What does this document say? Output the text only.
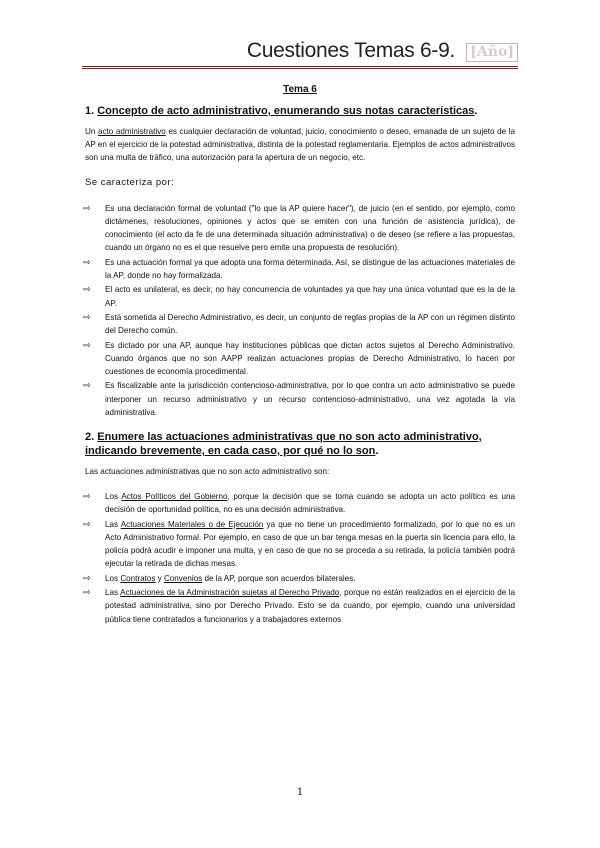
Cuestiones Temas 6-9. [Año]
Tema 6
1. Concepto de acto administrativo, enumerando sus notas características.

Un acto administrativo es cualquier declaración de voluntad, juicio, conocimiento o deseo, emanada de un sujeto de la AP en el ejercicio de la potestad administrativa, distinta de la potestad reglamentaria. Ejemplos de actos administrativos son una multa de tráfico, una autorización para la apertura de un negocio, etc.

Se caracteriza por:

⇨ Es una declaración formal de voluntad ("lo que la AP quiere hacer"), de juicio (en el sentido, por ejemplo, como dictámenes, resoluciones, opiniones y actos que se emiten con una función de asistencia jurídica), de conocimiento (el acto da fe de una determinada situación administrativa) o de deseo (se refiere a las propuestas, cuando un órgano no es el que resuelve pero emite una propuesta de resolución).
⇨ Es una actuación formal ya que adopta una forma determinada. Así, se distingue de las actuaciones materiales de la AP, donde no hay formalizada.
⇨ El acto es unilateral, es decir, no hay concurrencia de voluntades ya que hay una única voluntad que es la de la AP.
⇨ Está sometida al Derecho Administrativo, es decir, un conjunto de reglas propias de la AP con un régimen distinto del Derecho común.
⇨ Es dictado por una AP, aunque hay instituciones públicas que dictan actos sujetos al Derecho Administrativo. Cuando órganos que no son AAPP realizan actuaciones propias de Derecho Administrativo, lo hacen por cuestiones de economía procedimental.
⇨ Es fiscalizable ante la jurisdicción contencioso-administrativa, por lo que contra un acto administrativo se puede interponer un recurso administrativo y un recurso contencioso-administrativo, una vez agotada la vía administrativa.
2. Enumere las actuaciones administrativas que no son acto administrativo, indicando brevemente, en cada caso, por qué no lo son.

Las actuaciones administrativas que no son acto administrativo son:

⇨ Los Actos Políticos del Gobierno, porque la decisión que se toma cuando se adopta un acto político es una decisión de oportunidad política, no es una decisión administrativa.
⇨ Las Actuaciones Materiales o de Ejecución ya que no tiene un procedimiento formalizado, por lo que no es un Acto Administrativo formal. Por ejemplo, en caso de que un bar tenga mesas en la puerta sin licencia para ello, la policía podrá acudir e imponer una multa, y en caso de que no se proceda a su retirada, la policía también podrá ejecutar la retirada de dichas mesas.
⇨ Los Contratos y Convenios de la AP, porque son acuerdos bilaterales.
⇨ Las Actuaciones de la Administración sujetas al Derecho Privado, porque no están realizados en el ejercicio de la potestad administrativa, sino por Derecho Privado. Esto se da cuando, por ejemplo, cuando una universidad pública tiene contratados a funcionarios y a trabajadores externos
1
